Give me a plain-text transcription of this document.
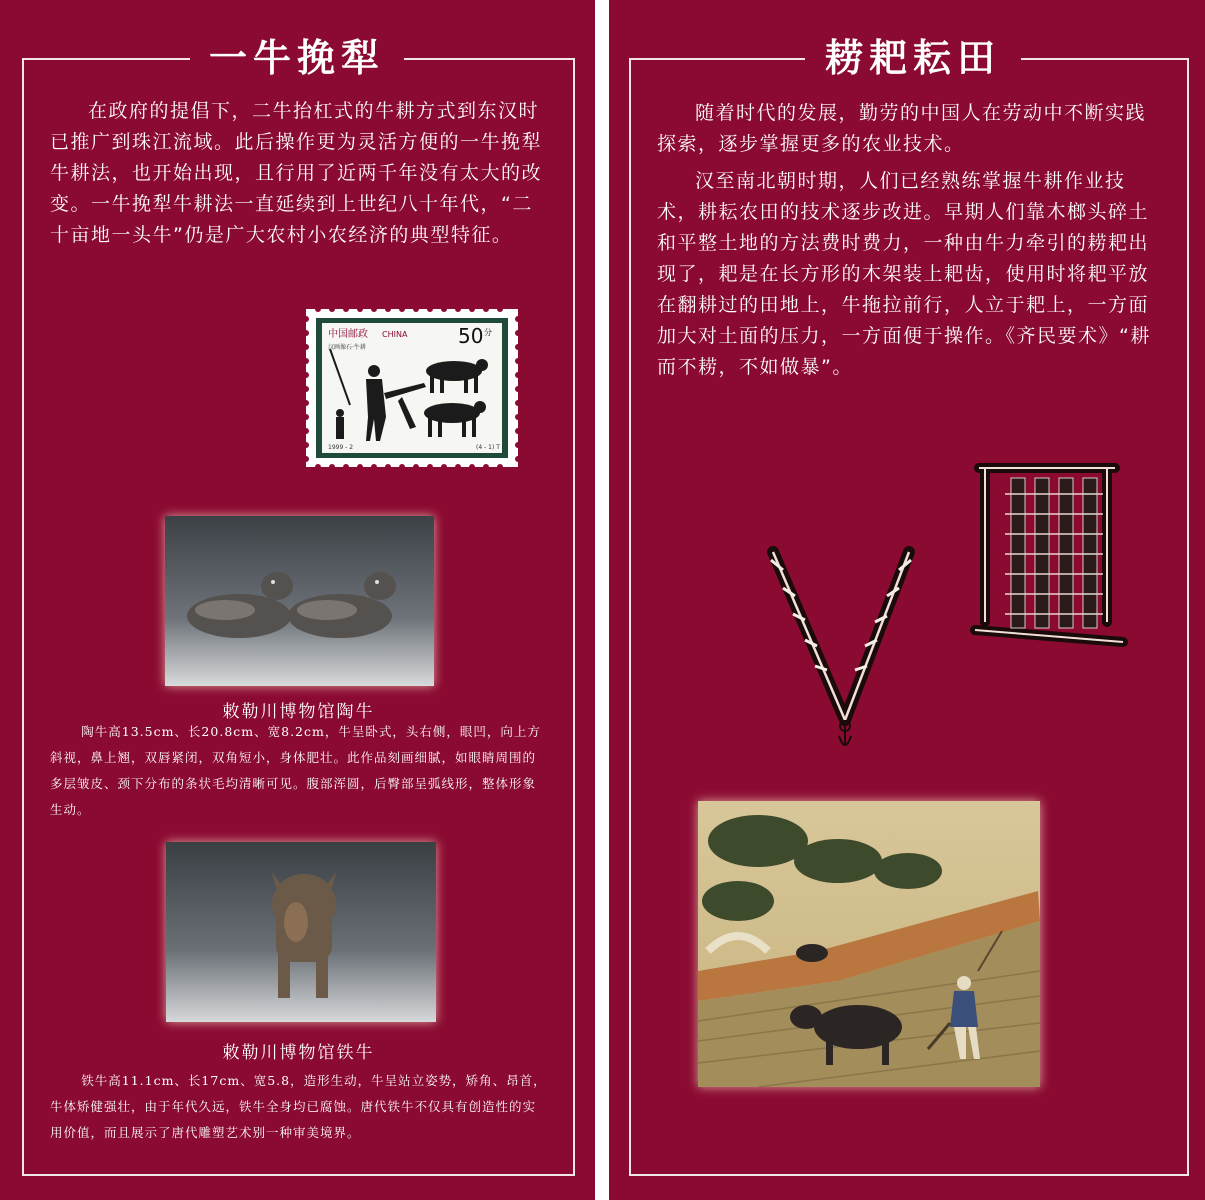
一牛挽犁

在政府的提倡下，二牛抬杠式的牛耕方式到东汉时已推广到珠江流域。此后操作更为灵活方便的一牛挽犁牛耕法，也开始出现，且行用了近两千年没有太大的改变。一牛挽犁牛耕法一直延续到上世纪八十年代，“二十亩地一头牛”仍是广大农村小农经济的典型特征。

中国邮政 CHINA	50 分
汉画像石·牛耕
1999 - 2	(4 - 1) T
敕勒川博物馆陶牛

陶牛高13.5cm、长20.8cm、宽8.2cm，牛呈卧式，头右侧，眼凹，向上方斜视，鼻上翘，双唇紧闭，双角短小，身体肥壮。此作品刻画细腻，如眼睛周围的多层皱皮、颈下分布的条状毛均清晰可见。腹部浑圆，后臀部呈弧线形，整体形象生动。

敕勒川博物馆铁牛

铁牛高11.1cm、长17cm、宽5.8，造形生动，牛呈站立姿势，矫角、昂首，牛体矫健强壮，由于年代久远，铁牛全身均已腐蚀。唐代铁牛不仅具有创造性的实用价值，而且展示了唐代雕塑艺术别一种审美境界。

耢耙耘田

随着时代的发展，勤劳的中国人在劳动中不断实践探索，逐步掌握更多的农业技术。

汉至南北朝时期，人们已经熟练掌握牛耕作业技术，耕耘农田的技术逐步改进。早期人们靠木榔头碎土和平整土地的方法费时费力，一种由牛力牵引的耢耙出现了，耙是在长方形的木架装上耙齿，使用时将耙平放在翻耕过的田地上，牛拖拉前行，人立于耙上，一方面加大对土面的压力，一方面便于操作。《齐民要术》“耕而不耢，不如做暴”。
